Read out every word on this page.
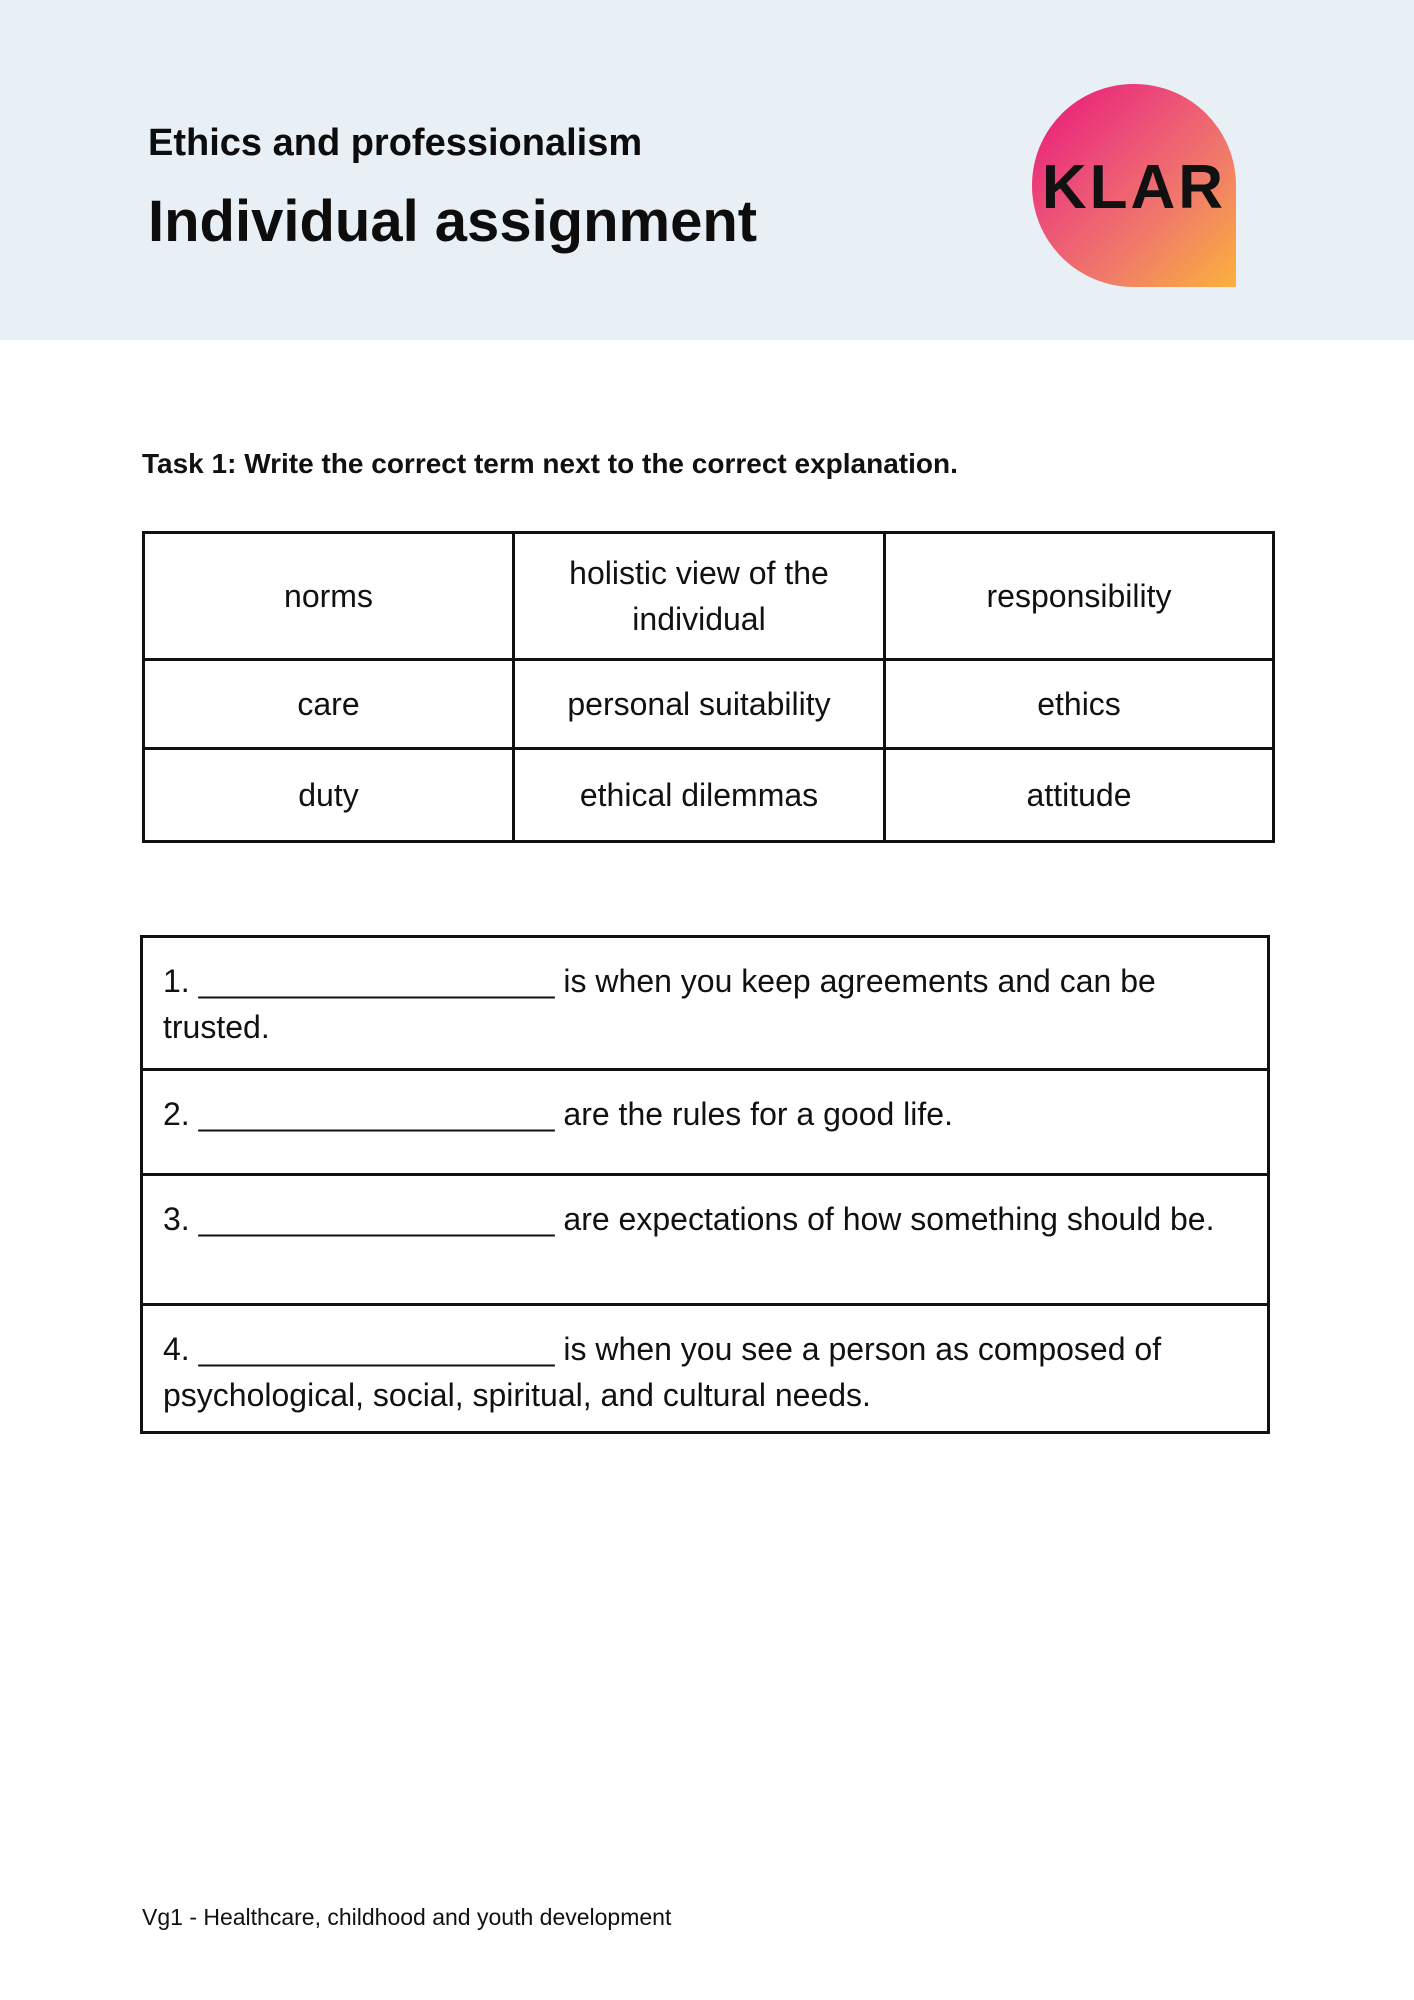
Ethics and professionalism
Individual assignment	KLAR
Task 1: Write the correct term next to the correct explanation.
norms	holistic view of the individual	responsibility
care	personal suitability	ethics
duty	ethical dilemmas	attitude
1. ____________________ is when you keep agreements and can be trusted.
2. ____________________ are the rules for a good life.
3. ____________________ are expectations of how something should be.
4. ____________________ is when you see a person as composed of psychological, social, spiritual, and cultural needs.
Vg1 - Healthcare, childhood and youth development
